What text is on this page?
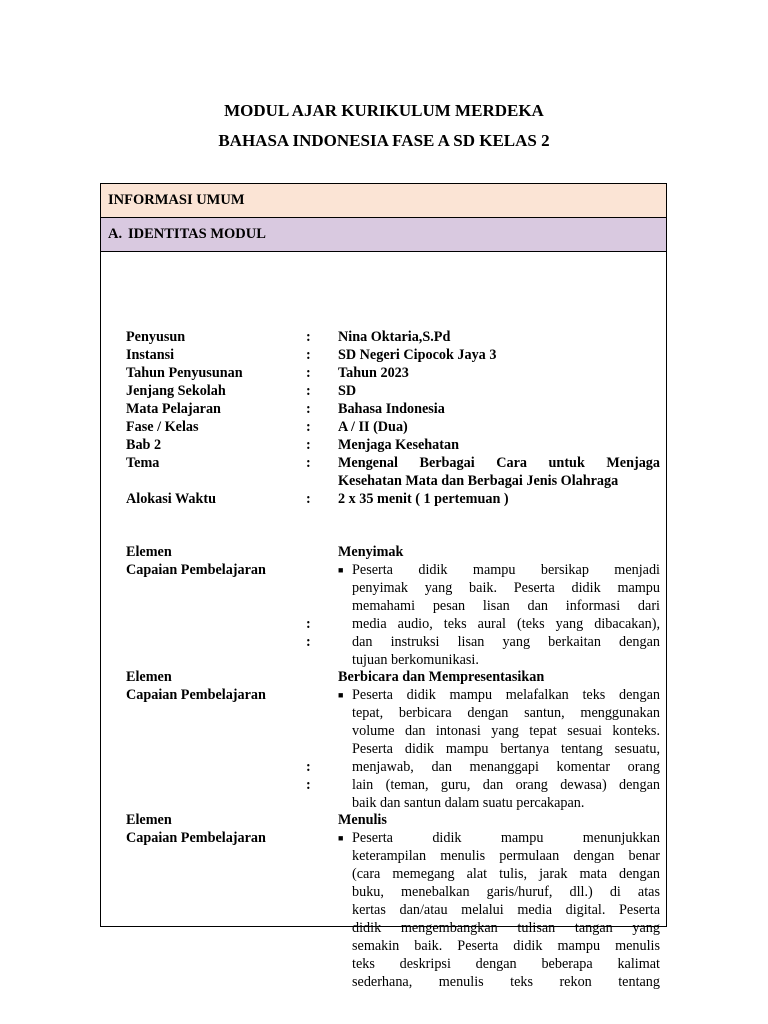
MODUL AJAR KURIKULUM MERDEKA
BAHASA INDONESIA FASE A SD KELAS 2
INFORMASI UMUM
A. IDENTITAS MODUL
Penyusun	: Nina Oktaria,S.Pd
Instansi	: SD Negeri Cipocok Jaya 3
Tahun Penyusunan	: Tahun 2023
Jenjang Sekolah	: SD
Mata Pelajaran	: Bahasa Indonesia
Fase / Kelas	: A / II (Dua)
Bab 2	: Menjaga Kesehatan
Tema	: Mengenal Berbagai Cara untuk Menjaga
Kesehatan Mata dan Berbagai Jenis Olahraga
Alokasi Waktu	: 2 x 35 menit ( 1 pertemuan )
Elemen	Menyimak
Capaian Pembelajaran	■ Peserta didik mampu bersikap menjadi
penyimak yang baik. Peserta didik mampu
memahami pesan lisan dan informasi dari
:	media audio, teks aural (teks yang dibacakan),
:	dan instruksi lisan yang berkaitan dengan
tujuan berkomunikasi.
Elemen	Berbicara dan Mempresentasikan
Capaian Pembelajaran	■ Peserta didik mampu melafalkan teks dengan
tepat, berbicara dengan santun, menggunakan
volume dan intonasi yang tepat sesuai konteks.
Peserta didik mampu bertanya tentang sesuatu,
:	menjawab, dan menanggapi komentar orang
:	lain (teman, guru, dan orang dewasa) dengan
baik dan santun dalam suatu percakapan.
Elemen	Menulis
Capaian Pembelajaran	■ Peserta didik mampu menunjukkan
keterampilan menulis permulaan dengan benar
(cara memegang alat tulis, jarak mata dengan
buku, menebalkan garis/huruf, dll.) di atas
kertas dan/atau melalui media digital. Peserta
didik mengembangkan tulisan tangan yang
semakin baik. Peserta didik mampu menulis
teks deskripsi dengan beberapa kalimat
sederhana, menulis teks rekon tentang
